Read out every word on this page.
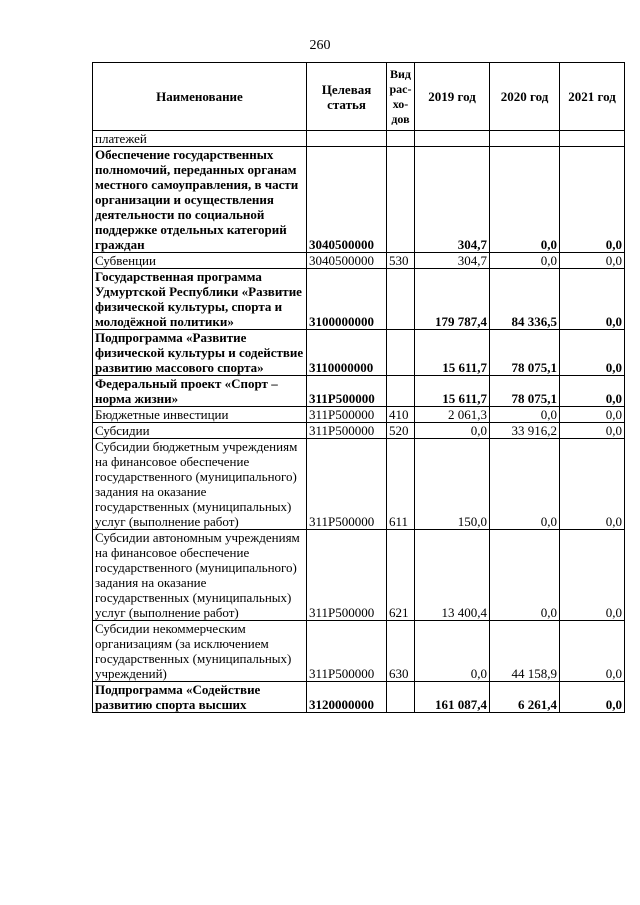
260
Наименование	Целевая статья	Вид рас-хо-дов	2019 год	2020 год	2021 год
платежей					
Обеспечение государственных полномочий, переданных органам местного самоуправления, в части организации и осуществления деятельности по социальной поддержке отдельных категорий граждан	3040500000		304,7	0,0	0,0
Субвенции	3040500000	530	304,7	0,0	0,0
Государственная программа Удмуртской Республики «Развитие физической культуры, спорта и молодёжной политики»	3100000000		179 787,4	84 336,5	0,0
Подпрограмма «Развитие физической культуры и содействие развитию массового спорта»	3110000000		15 611,7	78 075,1	0,0
Федеральный проект «Спорт – норма жизни»	311P500000		15 611,7	78 075,1	0,0
Бюджетные инвестиции	311P500000	410	2 061,3	0,0	0,0
Субсидии	311P500000	520	0,0	33 916,2	0,0
Субсидии бюджетным учреждениям на финансовое обеспечение государственного (муниципального) задания на оказание государственных (муниципальных) услуг (выполнение работ)	311P500000	611	150,0	0,0	0,0
Субсидии автономным учреждениям на финансовое обеспечение государственного (муниципального) задания на оказание государственных (муниципальных) услуг (выполнение работ)	311P500000	621	13 400,4	0,0	0,0
Субсидии некоммерческим организациям (за исключением государственных (муниципальных) учреждений)	311P500000	630	0,0	44 158,9	0,0
Подпрограмма «Содействие развитию спорта высших	3120000000		161 087,4	6 261,4	0,0
